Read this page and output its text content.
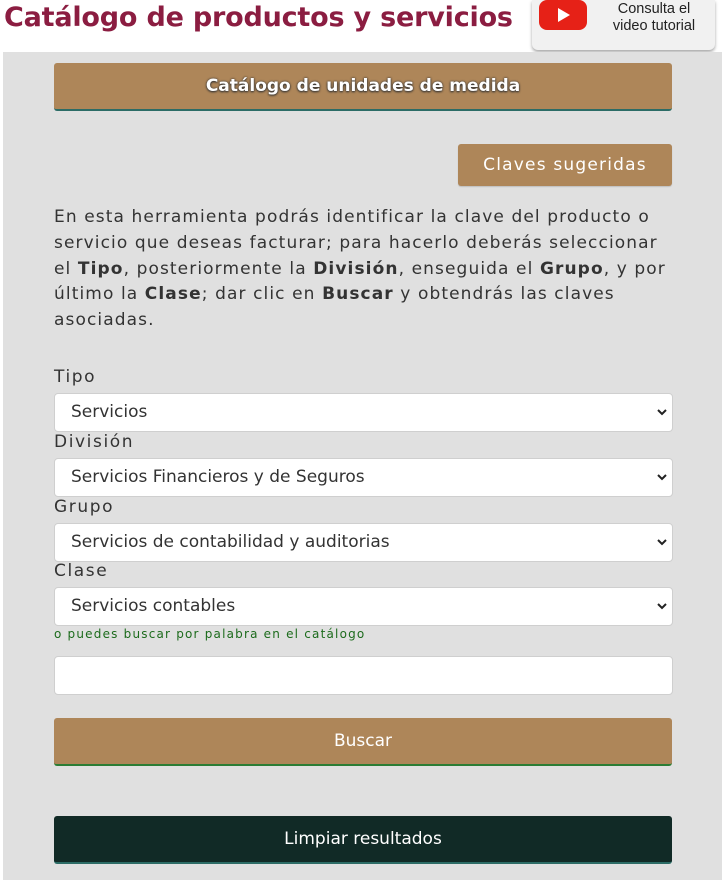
Catálogo de productos y servicios	Consulta el
video tutorial
Catálogo de unidades de medida
Claves sugeridas
En esta herramienta podrás identificar la clave del producto o servicio que deseas facturar; para hacerlo deberás seleccionar el Tipo, posteriormente la División, enseguida el Grupo, y por último la Clase; dar clic en Buscar y obtendrás las claves asociadas.
Tipo
Servicios
División
Servicios Financieros y de Seguros
Grupo
Servicios de contabilidad y auditorias
Clase
Servicios contables
o puedes buscar por palabra en el catálogo
Buscar
Limpiar resultados
